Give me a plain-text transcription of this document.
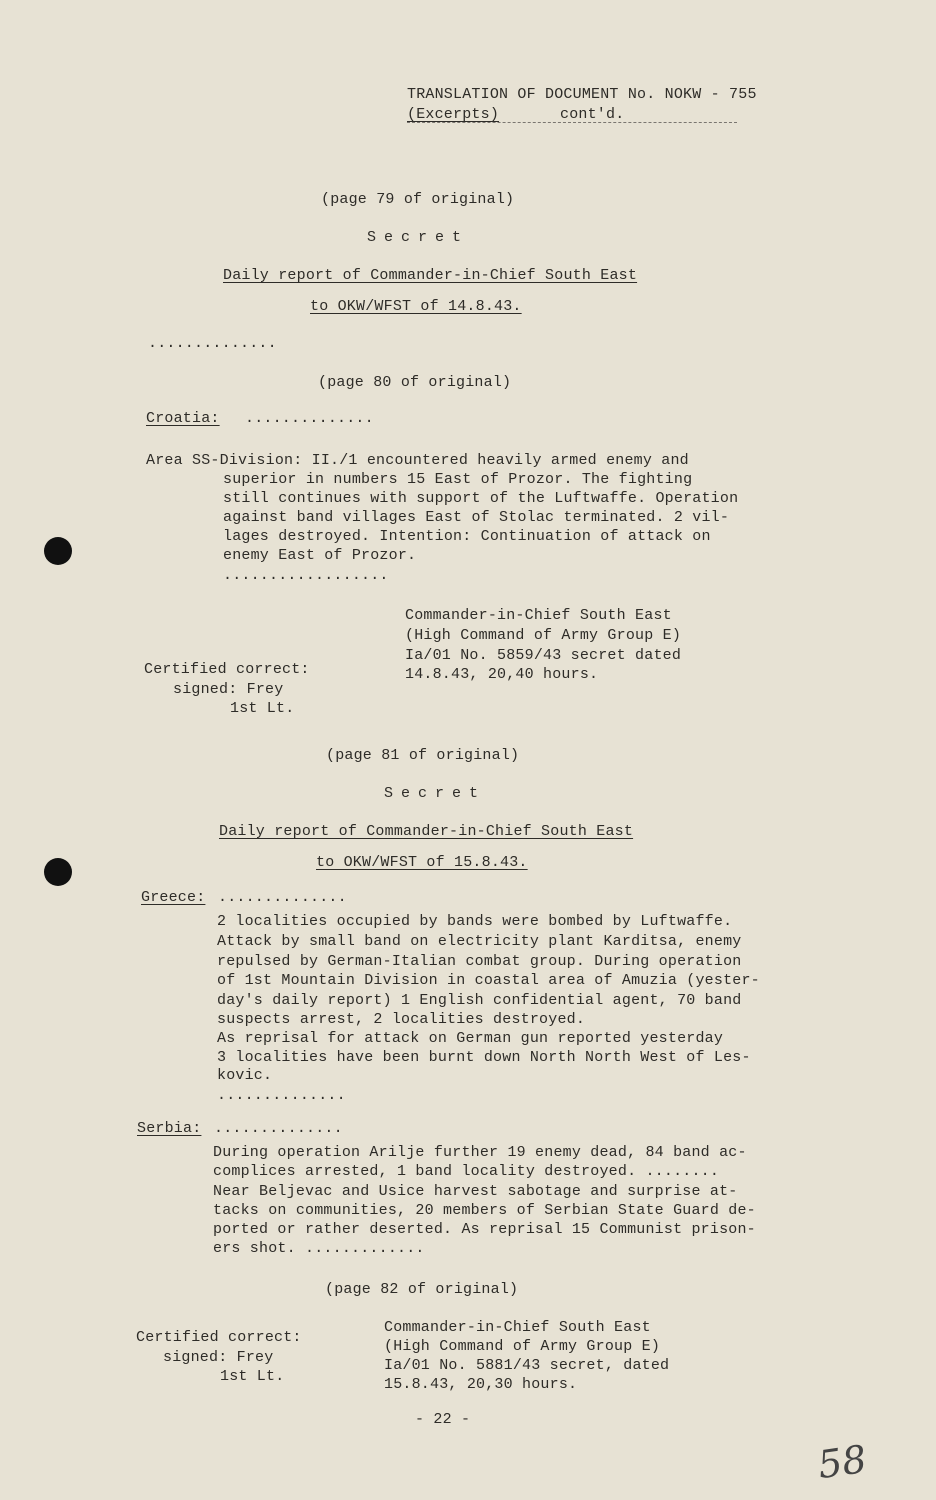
TRANSLATION OF DOCUMENT No. NOKW - 755
(Excerpts)	cont'd.
(page 79 of original)
Secret
Daily report of Commander-in-Chief South East
to OKW/WFST of 14.8.43.
..............
(page 80 of original)
Croatia: ..............
Area SS-Division: II./1 encountered heavily armed enemy and
superior in numbers 15 East of Prozor. The fighting
still continues with support of the Luftwaffe. Operation
against band villages East of Stolac terminated. 2 vil-
lages destroyed. Intention: Continuation of attack on
enemy East of Prozor.
..................
Commander-in-Chief South East
(High Command of Army Group E)
Ia/01 No. 5859/43 secret dated
14.8.43, 20,40 hours.
Certified correct:
signed: Frey
1st Lt.
(page 81 of original)
Secret
Daily report of Commander-in-Chief South East
to OKW/WFST of 15.8.43.
Greece: ..............
2 localities occupied by bands were bombed by Luftwaffe.
Attack by small band on electricity plant Karditsa, enemy
repulsed by German-Italian combat group. During operation
of 1st Mountain Division in coastal area of Amuzia (yester-
day's daily report) 1 English confidential agent, 70 band
suspects arrest, 2 localities destroyed.
As reprisal for attack on German gun reported yesterday
3 localities have been burnt down North North West of Les-
kovic.
..............
Serbia: ..............
During operation Arilje further 19 enemy dead, 84 band ac-
complices arrested, 1 band locality destroyed. ........
Near Beljevac and Usice harvest sabotage and surprise at-
tacks on communities, 20 members of Serbian State Guard de-
ported or rather deserted. As reprisal 15 Communist prison-
ers shot. .............
(page 82 of original)
Commander-in-Chief South East
(High Command of Army Group E)
Ia/01 No. 5881/43 secret, dated
15.8.43, 20,30 hours.
Certified correct:
signed: Frey
1st Lt.
- 22 -
58
